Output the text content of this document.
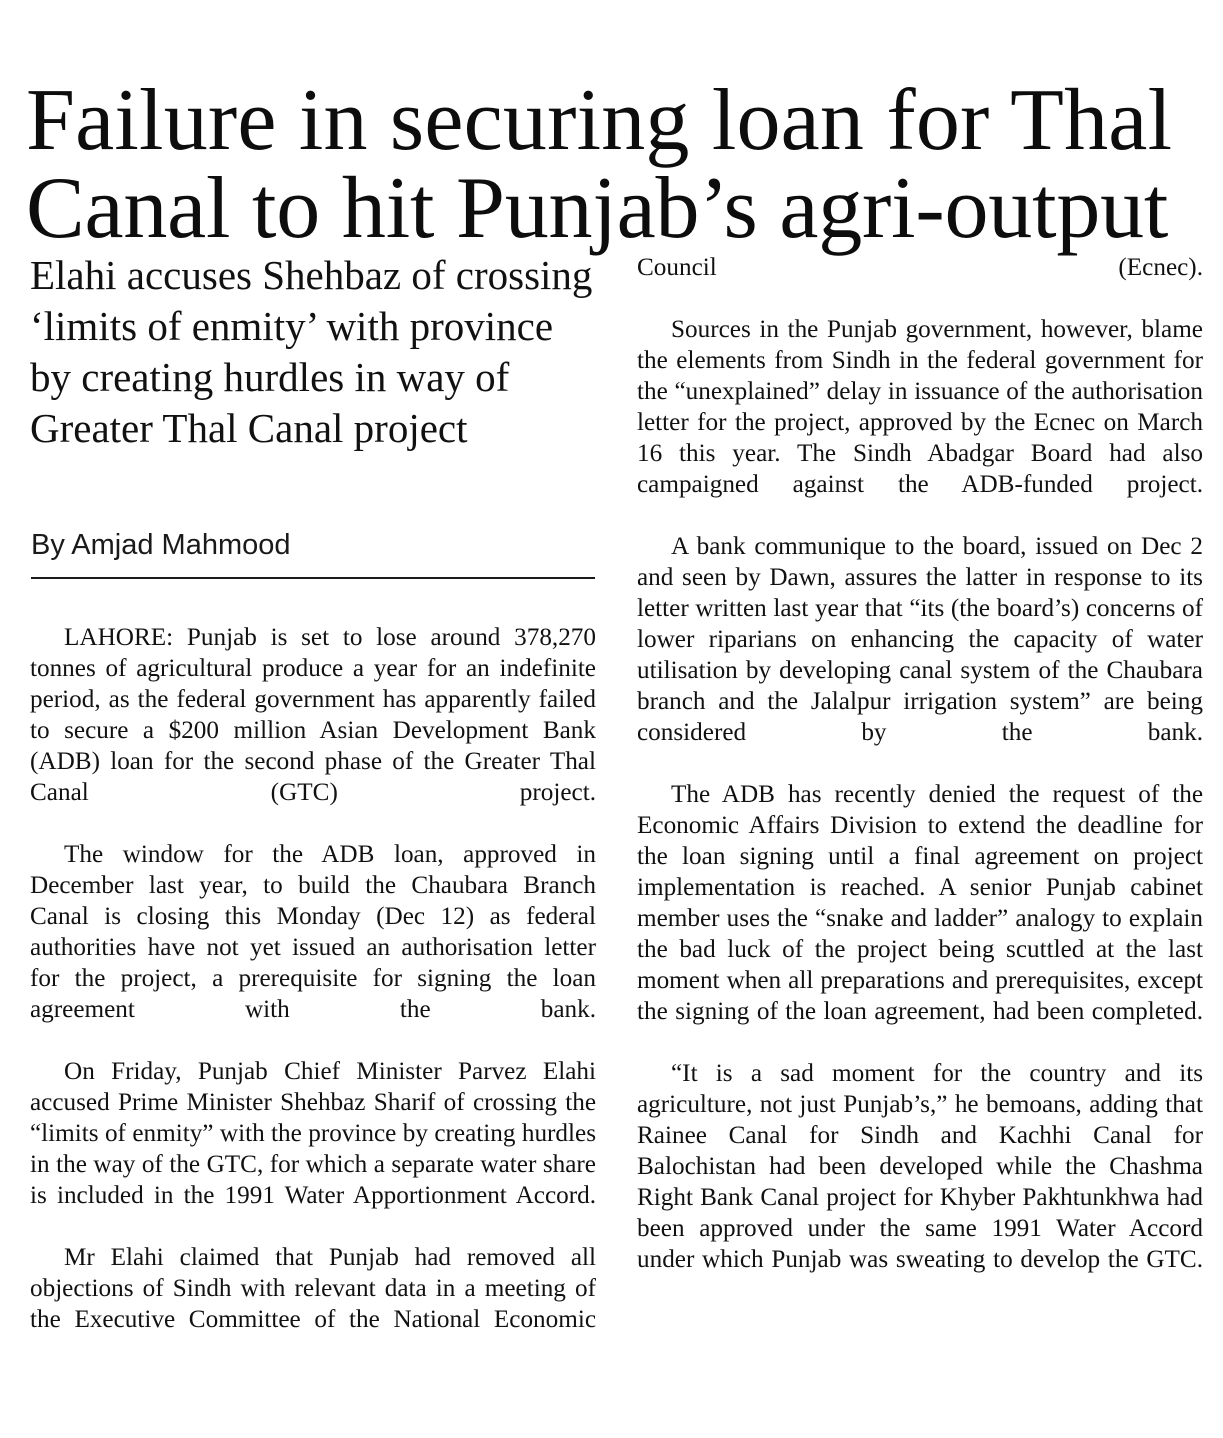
Failure in securing loan for Thal
Canal to hit Punjab’s agri-output
Elahi accuses Shehbaz of crossing ‘limits of enmity’ with province by creating hurdles in way of Greater Thal Canal project
By Amjad Mahmood

LAHORE: Punjab is set to lose around 378,270 tonnes of agricultural produce a year for an indefinite period, as the federal government has apparently failed to secure a $200 million Asian Development Bank (ADB) loan for the second phase of the Greater Thal Canal (GTC) project.

The window for the ADB loan, approved in December last year, to build the Chaubara Branch Canal is closing this Monday (Dec 12) as federal authorities have not yet issued an authorisation letter for the project, a prerequisite for signing the loan agreement with the bank.

On Friday, Punjab Chief Minister Parvez Elahi accused Prime Minister Shehbaz Sharif of crossing the “limits of enmity” with the province by creating hurdles in the way of the GTC, for which a separate water share is included in the 1991 Water Apportionment Accord.

Mr Elahi claimed that Punjab had removed all objections of Sindh with relevant data in a meeting of the Executive Committee of the National Economic

Council (Ecnec).

Sources in the Punjab government, however, blame the elements from Sindh in the federal government for the “unexplained” delay in issuance of the authorisation letter for the project, approved by the Ecnec on March 16 this year. The Sindh Abadgar Board had also campaigned against the ADB-funded project.

A bank communique to the board, issued on Dec 2 and seen by Dawn, assures the latter in response to its letter written last year that “its (the board’s) concerns of lower riparians on enhancing the capacity of water utilisation by developing canal system of the Chaubara branch and the Jalalpur irrigation system” are being considered by the bank.

The ADB has recently denied the request of the Economic Affairs Division to extend the deadline for the loan signing until a final agreement on project implementation is reached. A senior Punjab cabinet member uses the “snake and ladder” analogy to explain the bad luck of the project being scuttled at the last moment when all preparations and prerequisites, except the signing of the loan agreement, had been completed.

“It is a sad moment for the country and its agriculture, not just Punjab’s,” he bemoans, adding that Rainee Canal for Sindh and Kachhi Canal for Balochistan had been developed while the Chashma Right Bank Canal project for Khyber Pakhtunkhwa had been approved under the same 1991 Water Accord under which Punjab was sweating to develop the GTC.
